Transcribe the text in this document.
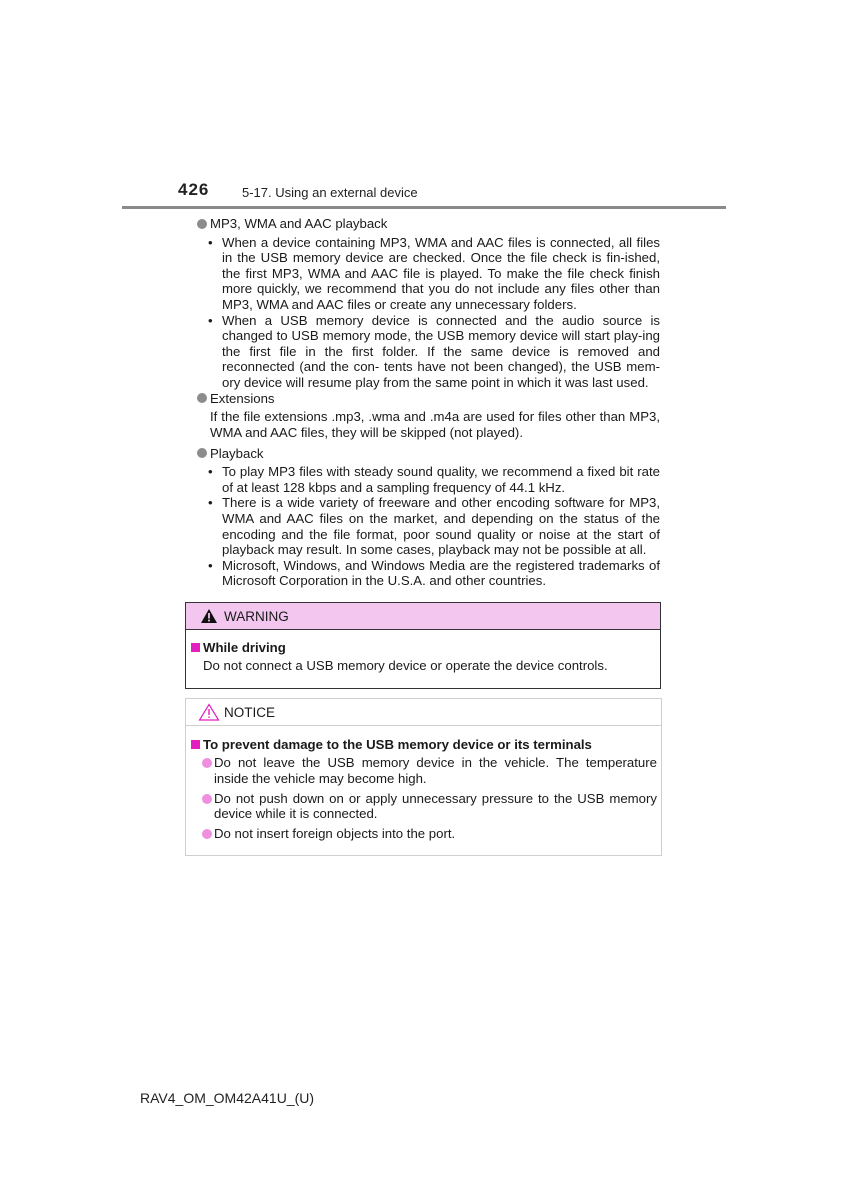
426	5-17. Using an external device
MP3, WMA and AAC playback
• When a device containing MP3, WMA and AAC files is connected, all files in the USB memory device are checked. Once the file check is fin-ished, the first MP3, WMA and AAC file is played. To make the file check finish more quickly, we recommend that you do not include any files other than MP3, WMA and AAC files or create any unnecessary folders.
• When a USB memory device is connected and the audio source is changed to USB memory mode, the USB memory device will start play-ing the first file in the first folder. If the same device is removed and reconnected (and the con- tents have not been changed), the USB mem-ory device will resume play from the same point in which it was last used.
Extensions
If the file extensions .mp3, .wma and .m4a are used for files other than MP3, WMA and AAC files, they will be skipped (not played).
Playback
• To play MP3 files with steady sound quality, we recommend a fixed bit rate of at least 128 kbps and a sampling frequency of 44.1 kHz.
• There is a wide variety of freeware and other encoding software for MP3, WMA and AAC files on the market, and depending on the status of the encoding and the file format, poor sound quality or noise at the start of playback may result. In some cases, playback may not be possible at all.
• Microsoft, Windows, and Windows Media are the registered trademarks of Microsoft Corporation in the U.S.A. and other countries.
WARNING
While driving
Do not connect a USB memory device or operate the device controls.
NOTICE
To prevent damage to the USB memory device or its terminals
Do not leave the USB memory device in the vehicle. The temperature inside the vehicle may become high.
Do not push down on or apply unnecessary pressure to the USB memory device while it is connected.
Do not insert foreign objects into the port.
RAV4_OM_OM42A41U_(U)
